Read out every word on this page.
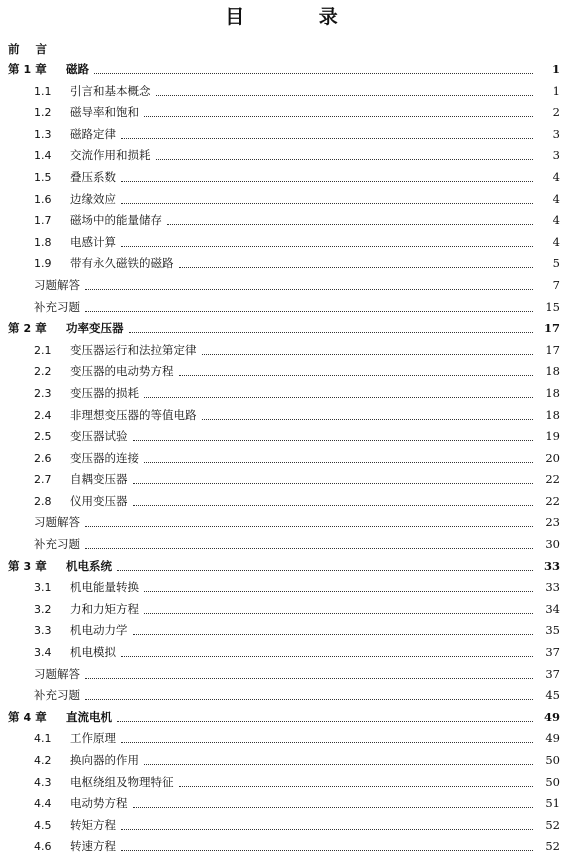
目 录
前 言
第 1 章 磁路	1
1.1 引言和基本概念	1
1.2 磁导率和饱和	2
1.3 磁路定律	3
1.4 交流作用和损耗	3
1.5 叠压系数	4
1.6 边缘效应	4
1.7 磁场中的能量储存	4
1.8 电感计算	4
1.9 带有永久磁铁的磁路	5
习题解答	7
补充习题	15
第 2 章 功率变压器	17
2.1 变压器运行和法拉第定律	17
2.2 变压器的电动势方程	18
2.3 变压器的损耗	18
2.4 非理想变压器的等值电路	18
2.5 变压器试验	19
2.6 变压器的连接	20
2.7 自耦变压器	22
2.8 仪用变压器	22
习题解答	23
补充习题	30
第 3 章 机电系统	33
3.1 机电能量转换	33
3.2 力和力矩方程	34
3.3 机电动力学	35
3.4 机电模拟	37
习题解答	37
补充习题	45
第 4 章 直流电机	49
4.1 工作原理	49
4.2 换向器的作用	50
4.3 电枢绕组及物理特征	50
4.4 电动势方程	51
4.5 转矩方程	52
4.6 转速方程	52
